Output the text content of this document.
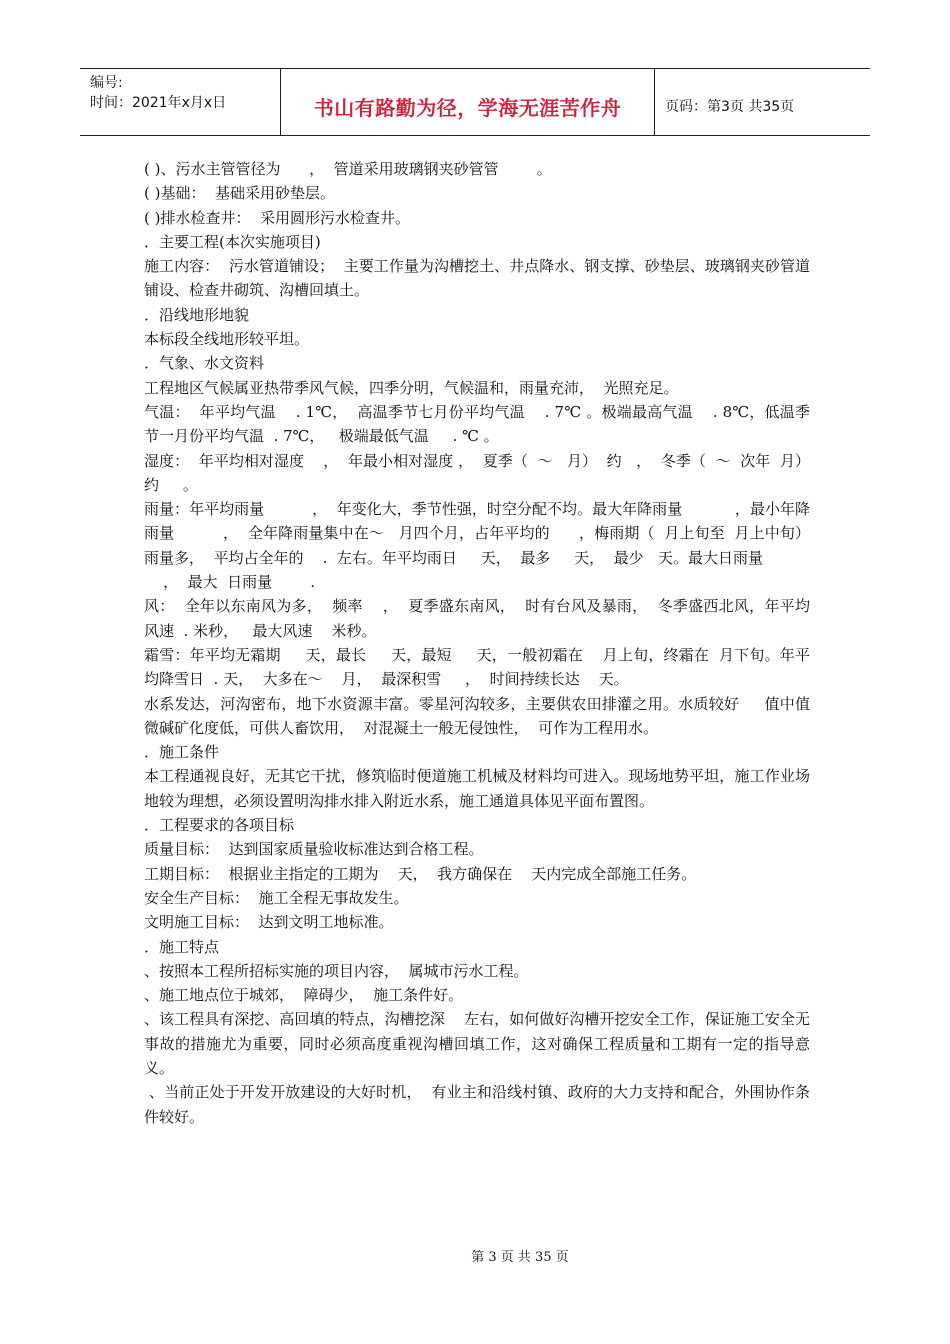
编号:
时间：2021年x月x日	书山有路勤为径，学海无涯苦作舟	页码：第3页 共35页

( )、污水主管管径为      ，  管道采用玻璃钢夹砂管管        。

( )基础：  基础采用砂垫层。

( )排水检查井：  采用圆形污水检查井。

．主要工程(本次实施项目)

施工内容：  污水管道铺设；  主要工作量为沟槽挖土、井点降水、钢支撑、砂垫层、玻璃钢夹砂管道          铺设、检查井砌筑、沟槽回填土。

．沿线地形地貌

本标段全线地形较平坦。

．气象、水文资料

工程地区气候属亚热带季风气候，四季分明，气候温和，雨量充沛，  光照充足。

气温：  年平均气温    . 1℃，  高温季节七月份平均气温    . 7℃ 。极端最高气温    . 8℃，低温季节一月份平均气温  . 7℃，   极端最低气温     . ℃ 。

湿度：  年平均相对湿度    ，  年最小相对湿度 ，  夏季（  ～   月）  约   ，  冬季（  ～  次年  月）  约     。

雨量：年平均雨量          ，  年变化大，季节性强，时空分配不均。最大年降雨量           ，最小年降雨量          ，  全年降雨量集中在～   月四个月，占年平均的      ，梅雨期（  月上旬至  月上中旬）  雨量多，  平均占全年的    .  左右。年平均雨日     天，  最多     天，  最少   天。最大日雨量

，  最大  日雨量        .

风：  全年以东南风为多，  频率    ，  夏季盛东南风，  时有台风及暴雨，  冬季盛西北风，年平均风速  . 米秒，   最大风速    米秒。

霜雪：年平均无霜期     天，最长     天，最短     天，一般初霜在    月上旬，终霜在  月下旬。年平均降雪日  . 天，  大多在～    月，  最深积雪     ，  时间持续长达    天。

水系发达，河沟密布，地下水资源丰富。零星河沟较多，主要供农田排灌之用。水质较好     值中值微碱矿化度低，可供人畜饮用，  对混凝土一般无侵蚀性，  可作为工程用水。

．施工条件

本工程通视良好，无其它干扰，修筑临时便道施工机械及材料均可进入。现场地势平坦，施工作业场地较为理想，必须设置明沟排水排入附近水系，施工通道具体见平面布置图。

．工程要求的各项目标

质量目标：  达到国家质量验收标准达到合格工程。

工期目标：  根据业主指定的工期为    天，  我方确保在    天内完成全部施工任务。

安全生产目标：  施工全程无事故发生。

文明施工目标：  达到文明工地标准。

．施工特点

、按照本工程所招标实施的项目内容，  属城市污水工程。

、施工地点位于城郊，  障碍少，  施工条件好。

、该工程具有深挖、高回填的特点，沟槽挖深    左右，如何做好沟槽开挖安全工作，保证施工安全无事故的措施尤为重要，同时必须高度重视沟槽回填工作，这对确保工程质量和工期有一定的指导意义。

、当前正处于开发开放建设的大好时机，  有业主和沿线村镇、政府的大力支持和配合，外围协作条件较好。

第 3 页 共 35 页
